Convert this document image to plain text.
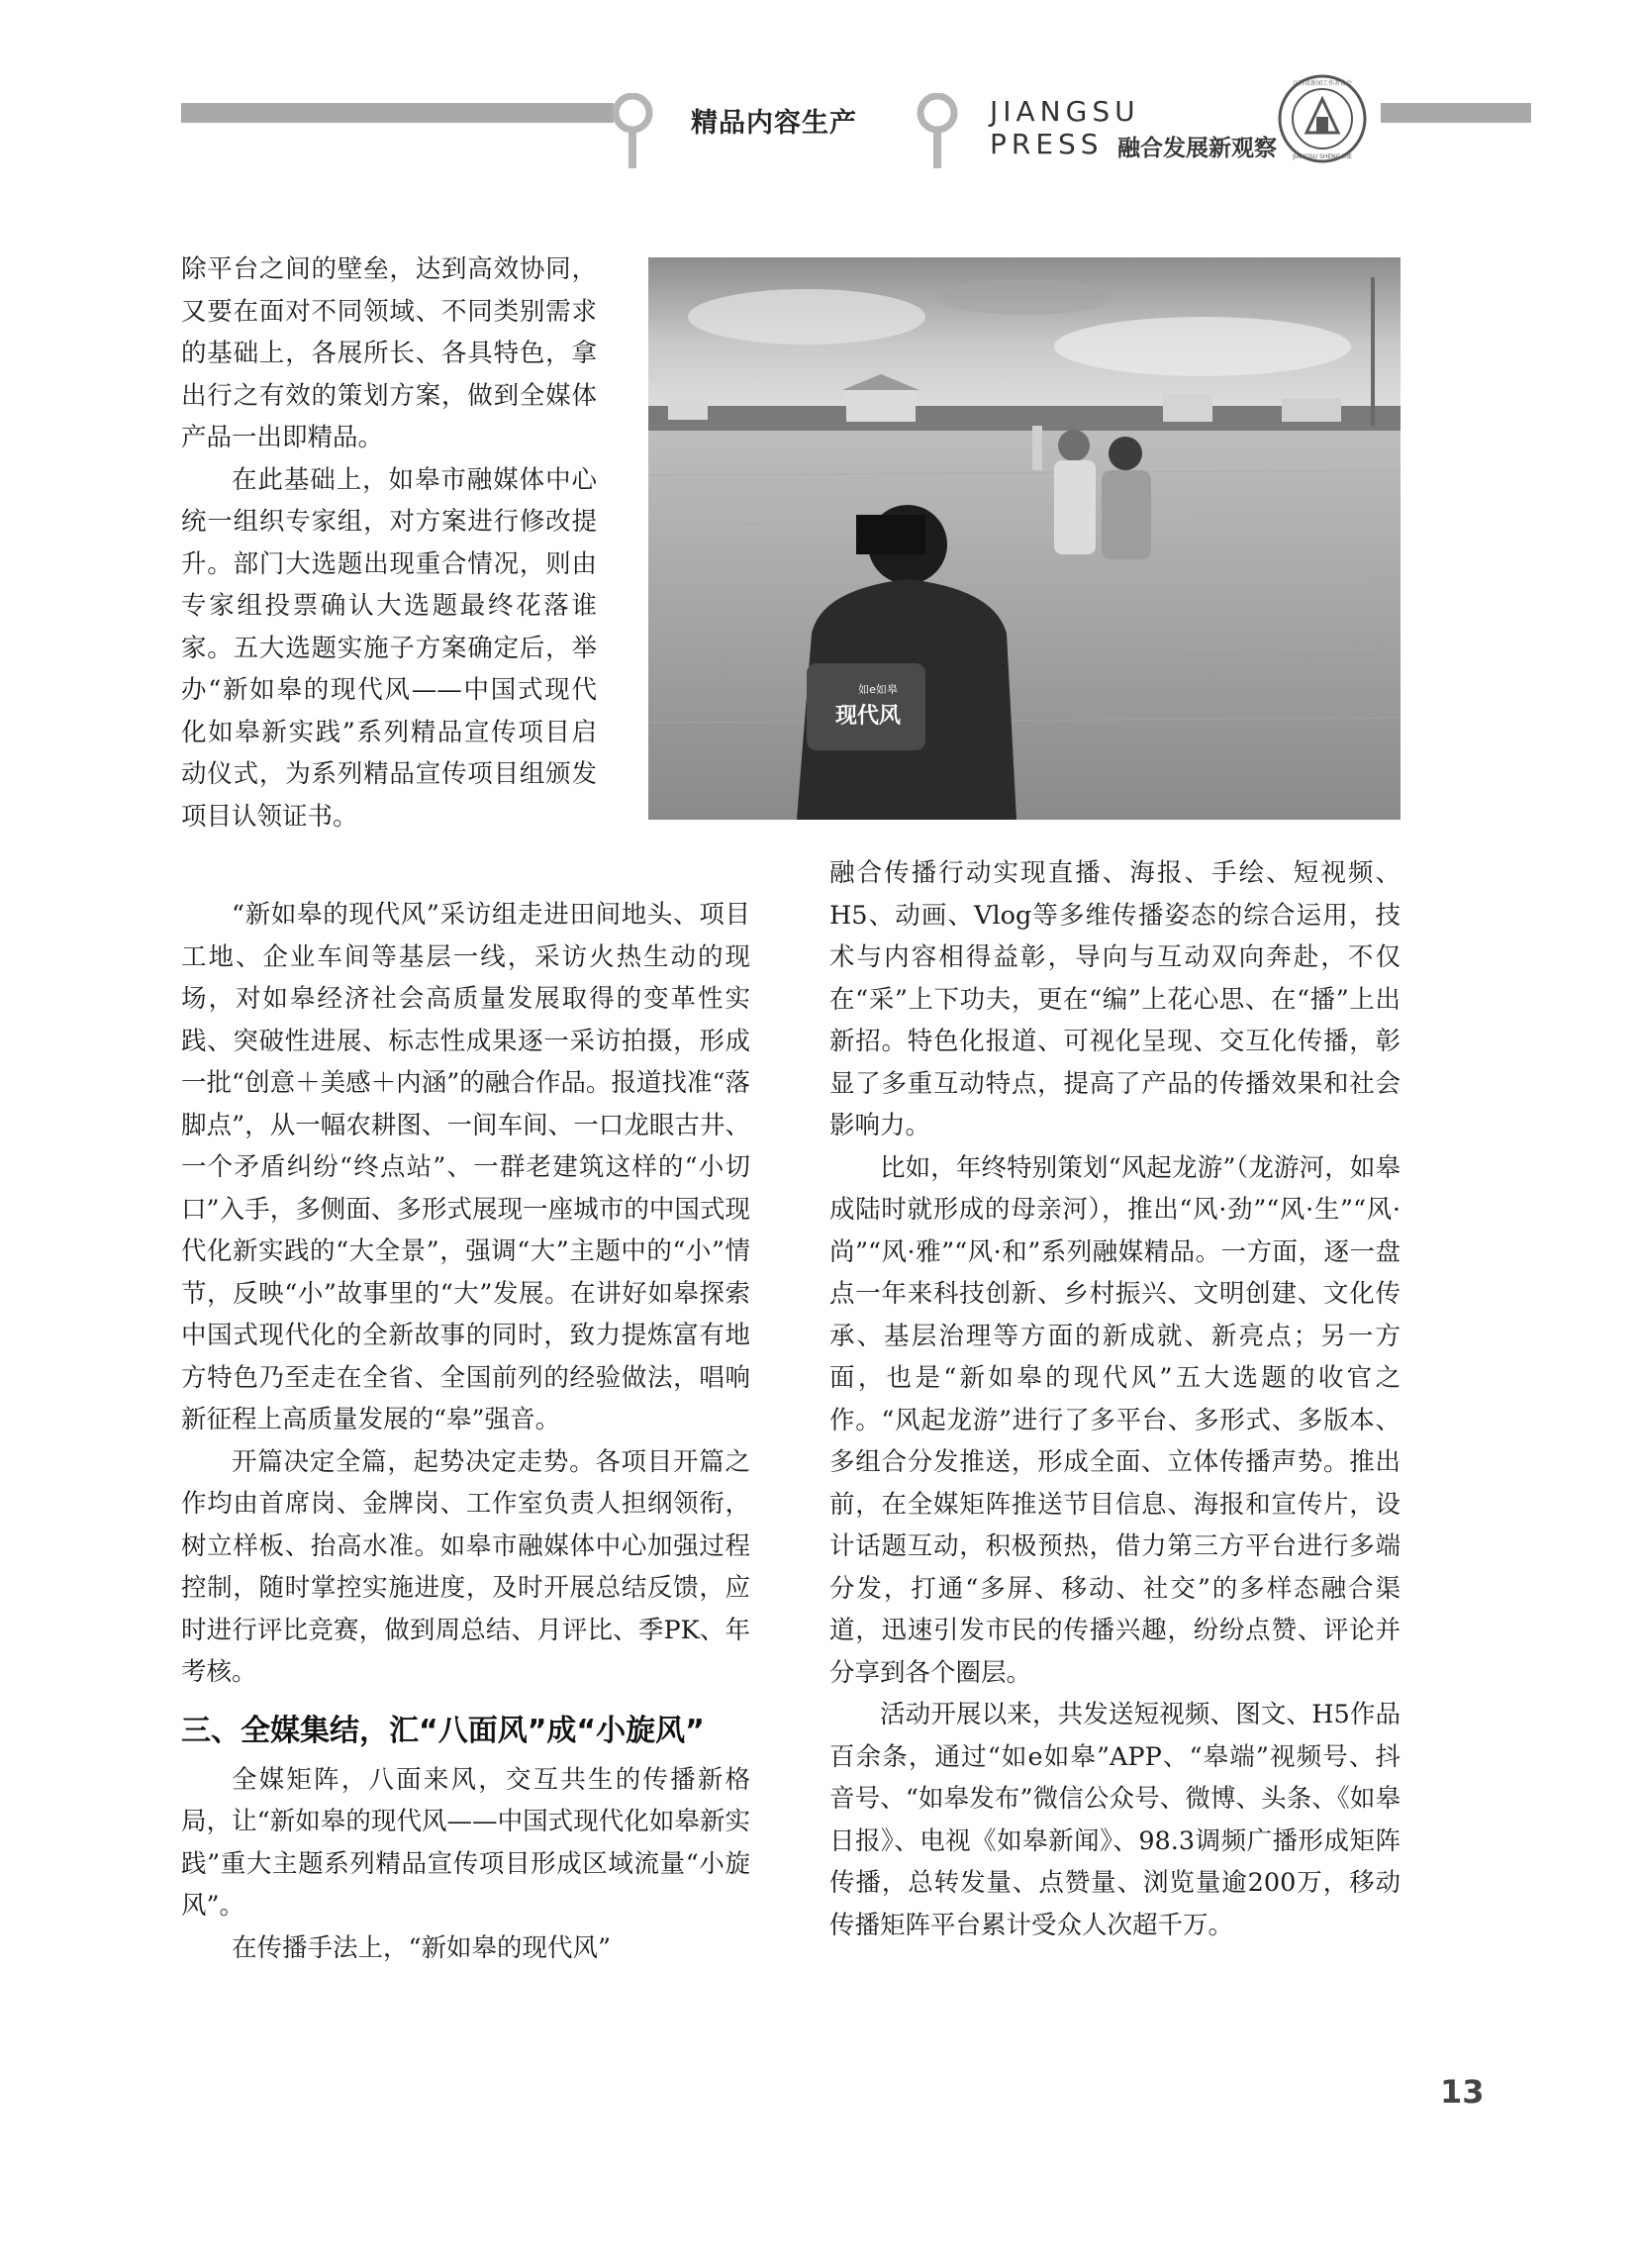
精品内容生产	JIANGSU PRESS 融合发展新观察
江苏省新闻工作者协会
JIANGSU SHENG XIE
如e如皋
现代风

除平台之间的壁垒，达到高效协同，又要在面对不同领域、不同类别需求的基础上，各展所长、各具特色，拿出行之有效的策划方案，做到全媒体产品一出即精品。

在此基础上，如皋市融媒体中心统一组织专家组，对方案进行修改提升。部门大选题出现重合情况，则由专家组投票确认大选题最终花落谁家。五大选题实施子方案确定后，举办“新如皋的现代风——中国式现代化如皋新实践”系列精品宣传项目启动仪式，为系列精品宣传项目组颁发项目认领证书。

“新如皋的现代风”采访组走进田间地头、项目工地、企业车间等基层一线，采访火热生动的现场，对如皋经济社会高质量发展取得的变革性实践、突破性进展、标志性成果逐一采访拍摄，形成一批“创意＋美感＋内涵”的融合作品。报道找准“落脚点”，从一幅农耕图、一间车间、一口龙眼古井、一个矛盾纠纷“终点站”、一群老建筑这样的“小切口”入手，多侧面、多形式展现一座城市的中国式现代化新实践的“大全景”，强调“大”主题中的“小”情节，反映“小”故事里的“大”发展。在讲好如皋探索中国式现代化的全新故事的同时，致力提炼富有地方特色乃至走在全省、全国前列的经验做法，唱响新征程上高质量发展的“皋”强音。

开篇决定全篇，起势决定走势。各项目开篇之作均由首席岗、金牌岗、工作室负责人担纲领衔，树立样板、抬高水准。如皋市融媒体中心加强过程控制，随时掌控实施进度，及时开展总结反馈，应时进行评比竞赛，做到周总结、月评比、季PK、年考核。

三、全媒集结，汇“八面风”成“小旋风”

全媒矩阵，八面来风，交互共生的传播新格局，让“新如皋的现代风——中国式现代化如皋新实践”重大主题系列精品宣传项目形成区域流量“小旋风”。

在传播手法上，“新如皋的现代风”

融合传播行动实现直播、海报、手绘、短视频、H5、动画、Vlog等多维传播姿态的综合运用，技术与内容相得益彰，导向与互动双向奔赴，不仅在“采”上下功夫，更在“编”上花心思、在“播”上出新招。特色化报道、可视化呈现、交互化传播，彰显了多重互动特点，提高了产品的传播效果和社会影响力。

比如，年终特别策划“风起龙游”（龙游河，如皋成陆时就形成的母亲河），推出“风·劲”“风·生”“风·尚”“风·雅”“风·和”系列融媒精品。一方面，逐一盘点一年来科技创新、乡村振兴、文明创建、文化传承、基层治理等方面的新成就、新亮点；另一方面，也是“新如皋的现代风”五大选题的收官之作。“风起龙游”进行了多平台、多形式、多版本、多组合分发推送，形成全面、立体传播声势。推出前，在全媒矩阵推送节目信息、海报和宣传片，设计话题互动，积极预热，借力第三方平台进行多端分发，打通“多屏、移动、社交”的多样态融合渠道，迅速引发市民的传播兴趣，纷纷点赞、评论并分享到各个圈层。

活动开展以来，共发送短视频、图文、H5作品百余条，通过“如e如皋”APP、“皋端”视频号、抖音号、“如皋发布”微信公众号、微博、头条、《如皋日报》、电视《如皋新闻》、98.3调频广播形成矩阵传播，总转发量、点赞量、浏览量逾200万，移动传播矩阵平台累计受众人次超千万。

13
